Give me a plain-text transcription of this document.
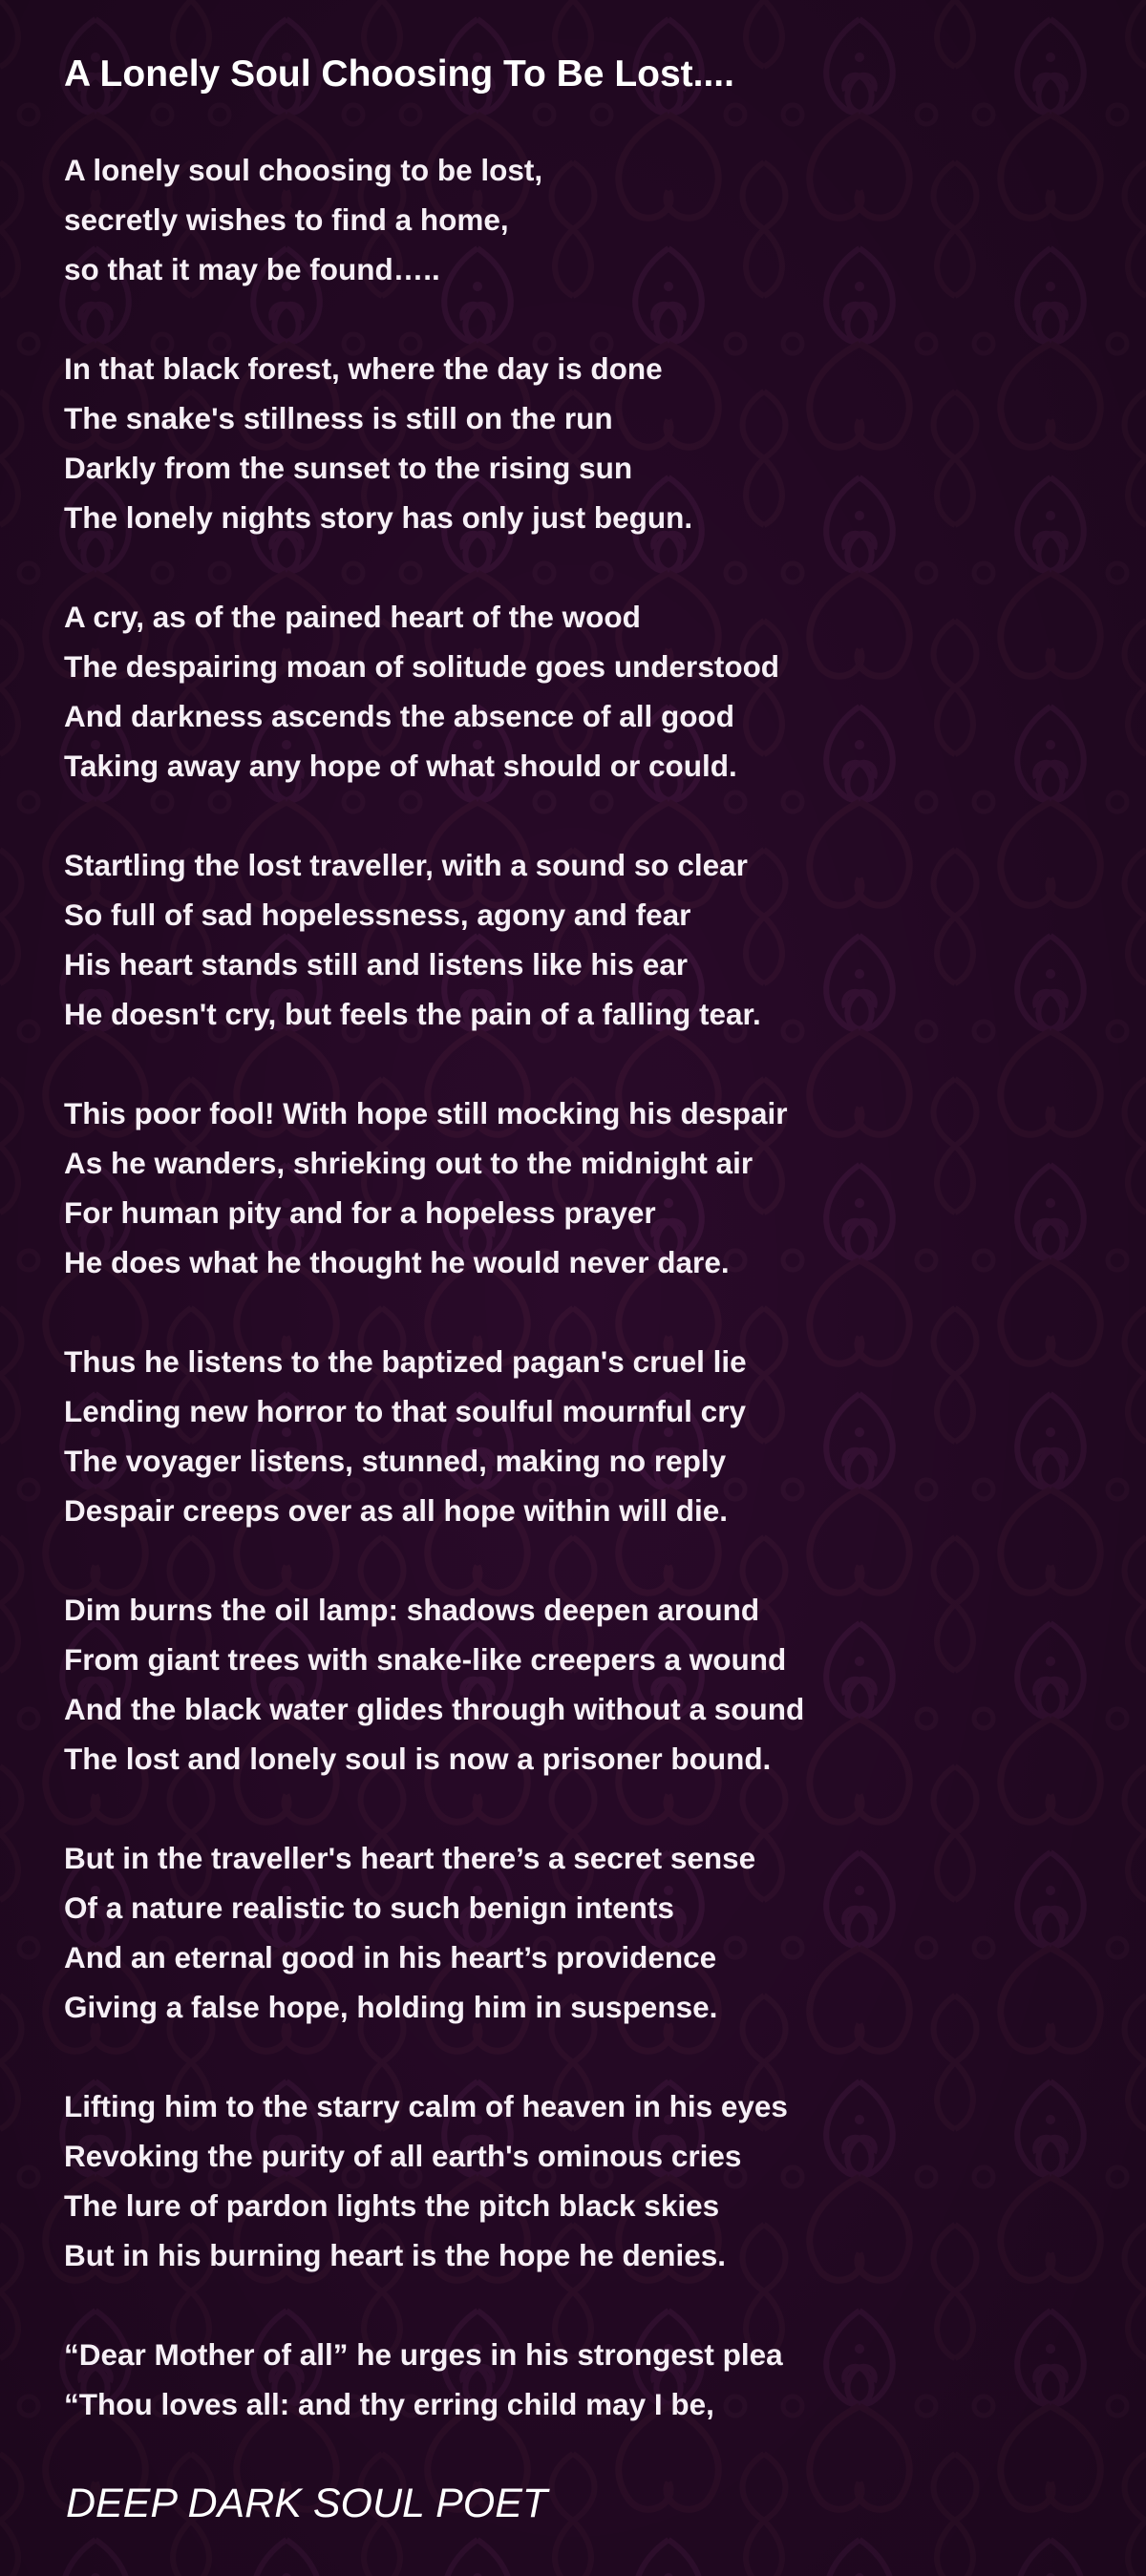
A Lonely Soul Choosing To Be Lost....
A lonely soul choosing to be lost,
secretly wishes to find a home,
so that it may be found…..
In that black forest, where the day is done
The snake's stillness is still on the run
Darkly from the sunset to the rising sun
The lonely nights story has only just begun.
A cry, as of the pained heart of the wood
The despairing moan of solitude goes understood
And darkness ascends the absence of all good
Taking away any hope of what should or could.
Startling the lost traveller, with a sound so clear
So full of sad hopelessness, agony and fear
His heart stands still and listens like his ear
He doesn't cry, but feels the pain of a falling tear.
This poor fool! With hope still mocking his despair
As he wanders, shrieking out to the midnight air
For human pity and for a hopeless prayer
He does what he thought he would never dare.
Thus he listens to the baptized pagan's cruel lie
Lending new horror to that soulful mournful cry
The voyager listens, stunned, making no reply
Despair creeps over as all hope within will die.
Dim burns the oil lamp: shadows deepen around
From giant trees with snake-like creepers a wound
And the black water glides through without a sound
The lost and lonely soul is now a prisoner bound.
But in the traveller's heart there’s a secret sense
Of a nature realistic to such benign intents
And an eternal good in his heart’s providence
Giving a false hope, holding him in suspense.
Lifting him to the starry calm of heaven in his eyes
Revoking the purity of all earth's ominous cries
The lure of pardon lights the pitch black skies
But in his burning heart is the hope he denies.
“Dear Mother of all” he urges in his strongest plea
“Thou loves all: and thy erring child may I be,

DEEP DARK SOUL POET
